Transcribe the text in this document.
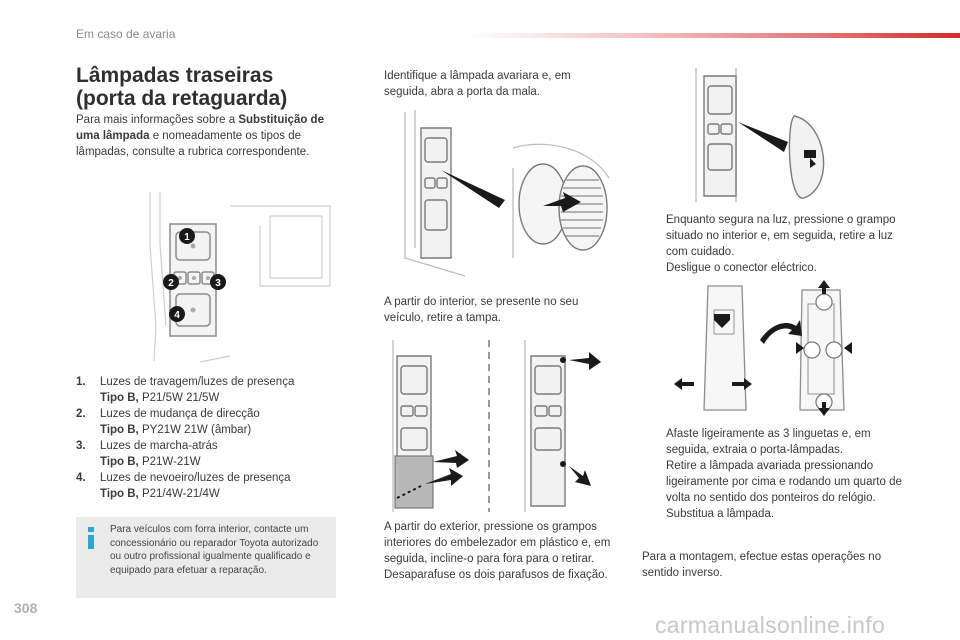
Em caso de avaria
Lâmpadas traseiras
(porta da retaguarda)
Para mais informações sobre a Substituição de uma lâmpada e nomeadamente os tipos de lâmpadas, consulte a rubrica correspondente.
1
2	3
4
1. Luzes de travagem/luzes de presença
Tipo B, P21/5W 21/5W
2. Luzes de mudança de direcção
Tipo B, PY21W 21W (âmbar)
3. Luzes de marcha-atrás
Tipo B, P21W-21W
4. Luzes de nevoeiro/luzes de presença
Tipo B, P21/4W-21/4W
Para veículos com forra interior, contacte um concessionário ou reparador Toyota autorizado ou outro profissional igualmente qualificado e equipado para efetuar a reparação.
Identifique a lâmpada avariara e, em seguida, abra a porta da mala.
A partir do interior, se presente no seu veículo, retire a tampa.
A partir do exterior, pressione os grampos interiores do embelezador em plástico e, em seguida, incline-o para fora para o retirar.
Desaparafuse os dois parafusos de fixação.
Enquanto segura na luz, pressione o grampo situado no interior e, em seguida, retire a luz com cuidado.
Desligue o conector eléctrico.
Afaste ligeiramente as 3 linguetas e, em seguida, extraia o porta-lâmpadas.
Retire a lâmpada avariada pressionando ligeiramente por cima e rodando um quarto de volta no sentido dos ponteiros do relógio.
Substitua a lâmpada.
Para a montagem, efectue estas operações no sentido inverso.
308
carmanualsonline.info
